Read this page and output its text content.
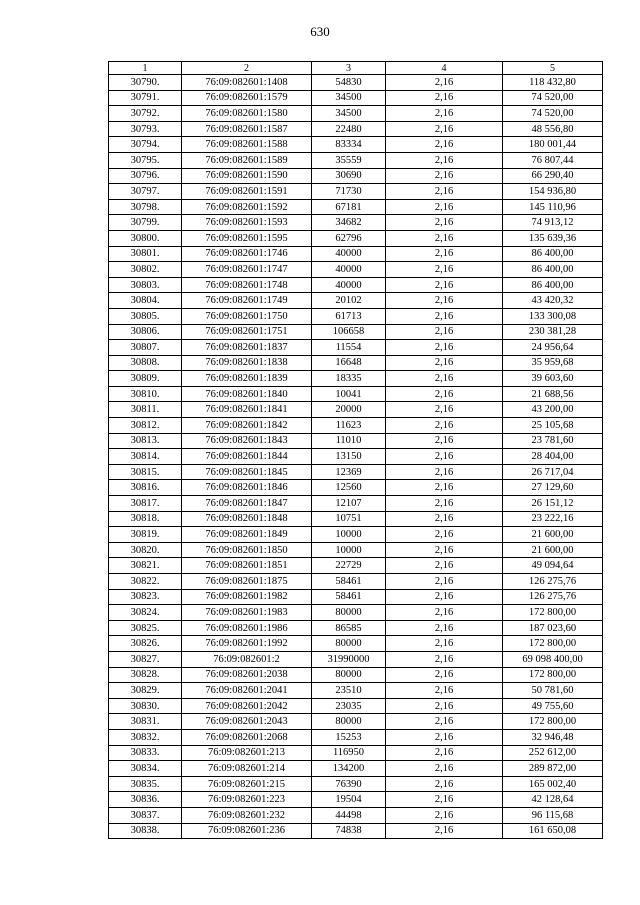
630
1	2	3	4	5
30790.	76:09:082601:1408	54830	2,16	118 432,80
30791.	76:09:082601:1579	34500	2,16	74 520,00
30792.	76:09:082601:1580	34500	2,16	74 520,00
30793.	76:09:082601:1587	22480	2,16	48 556,80
30794.	76:09:082601:1588	83334	2,16	180 001,44
30795.	76:09:082601:1589	35559	2,16	76 807,44
30796.	76:09:082601:1590	30690	2,16	66 290,40
30797.	76:09:082601:1591	71730	2,16	154 936,80
30798.	76:09:082601:1592	67181	2,16	145 110,96
30799.	76:09:082601:1593	34682	2,16	74 913,12
30800.	76:09:082601:1595	62796	2,16	135 639,36
30801.	76:09:082601:1746	40000	2,16	86 400,00
30802.	76:09:082601:1747	40000	2,16	86 400,00
30803.	76:09:082601:1748	40000	2,16	86 400,00
30804.	76:09:082601:1749	20102	2,16	43 420,32
30805.	76:09:082601:1750	61713	2,16	133 300,08
30806.	76:09:082601:1751	106658	2,16	230 381,28
30807.	76:09:082601:1837	11554	2,16	24 956,64
30808.	76:09:082601:1838	16648	2,16	35 959,68
30809.	76:09:082601:1839	18335	2,16	39 603,60
30810.	76:09:082601:1840	10041	2,16	21 688,56
30811.	76:09:082601:1841	20000	2,16	43 200,00
30812.	76:09:082601:1842	11623	2,16	25 105,68
30813.	76:09:082601:1843	11010	2,16	23 781,60
30814.	76:09:082601:1844	13150	2,16	28 404,00
30815.	76:09:082601:1845	12369	2,16	26 717,04
30816.	76:09:082601:1846	12560	2,16	27 129,60
30817.	76:09:082601:1847	12107	2,16	26 151,12
30818.	76:09:082601:1848	10751	2,16	23 222,16
30819.	76:09:082601:1849	10000	2,16	21 600,00
30820.	76:09:082601:1850	10000	2,16	21 600,00
30821.	76:09:082601:1851	22729	2,16	49 094,64
30822.	76:09:082601:1875	58461	2,16	126 275,76
30823.	76:09:082601:1982	58461	2,16	126 275,76
30824.	76:09:082601:1983	80000	2,16	172 800,00
30825.	76:09:082601:1986	86585	2,16	187 023,60
30826.	76:09:082601:1992	80000	2,16	172 800,00
30827.	76:09:082601:2	31990000	2,16	69 098 400,00
30828.	76:09:082601:2038	80000	2,16	172 800,00
30829.	76:09:082601:2041	23510	2,16	50 781,60
30830.	76:09:082601:2042	23035	2,16	49 755,60
30831.	76:09:082601:2043	80000	2,16	172 800,00
30832.	76:09:082601:2068	15253	2,16	32 946,48
30833.	76:09:082601:213	116950	2,16	252 612,00
30834.	76:09:082601:214	134200	2,16	289 872,00
30835.	76:09:082601:215	76390	2,16	165 002,40
30836.	76:09:082601:223	19504	2,16	42 128,64
30837.	76:09:082601:232	44498	2,16	96 115,68
30838.	76:09:082601:236	74838	2,16	161 650,08
